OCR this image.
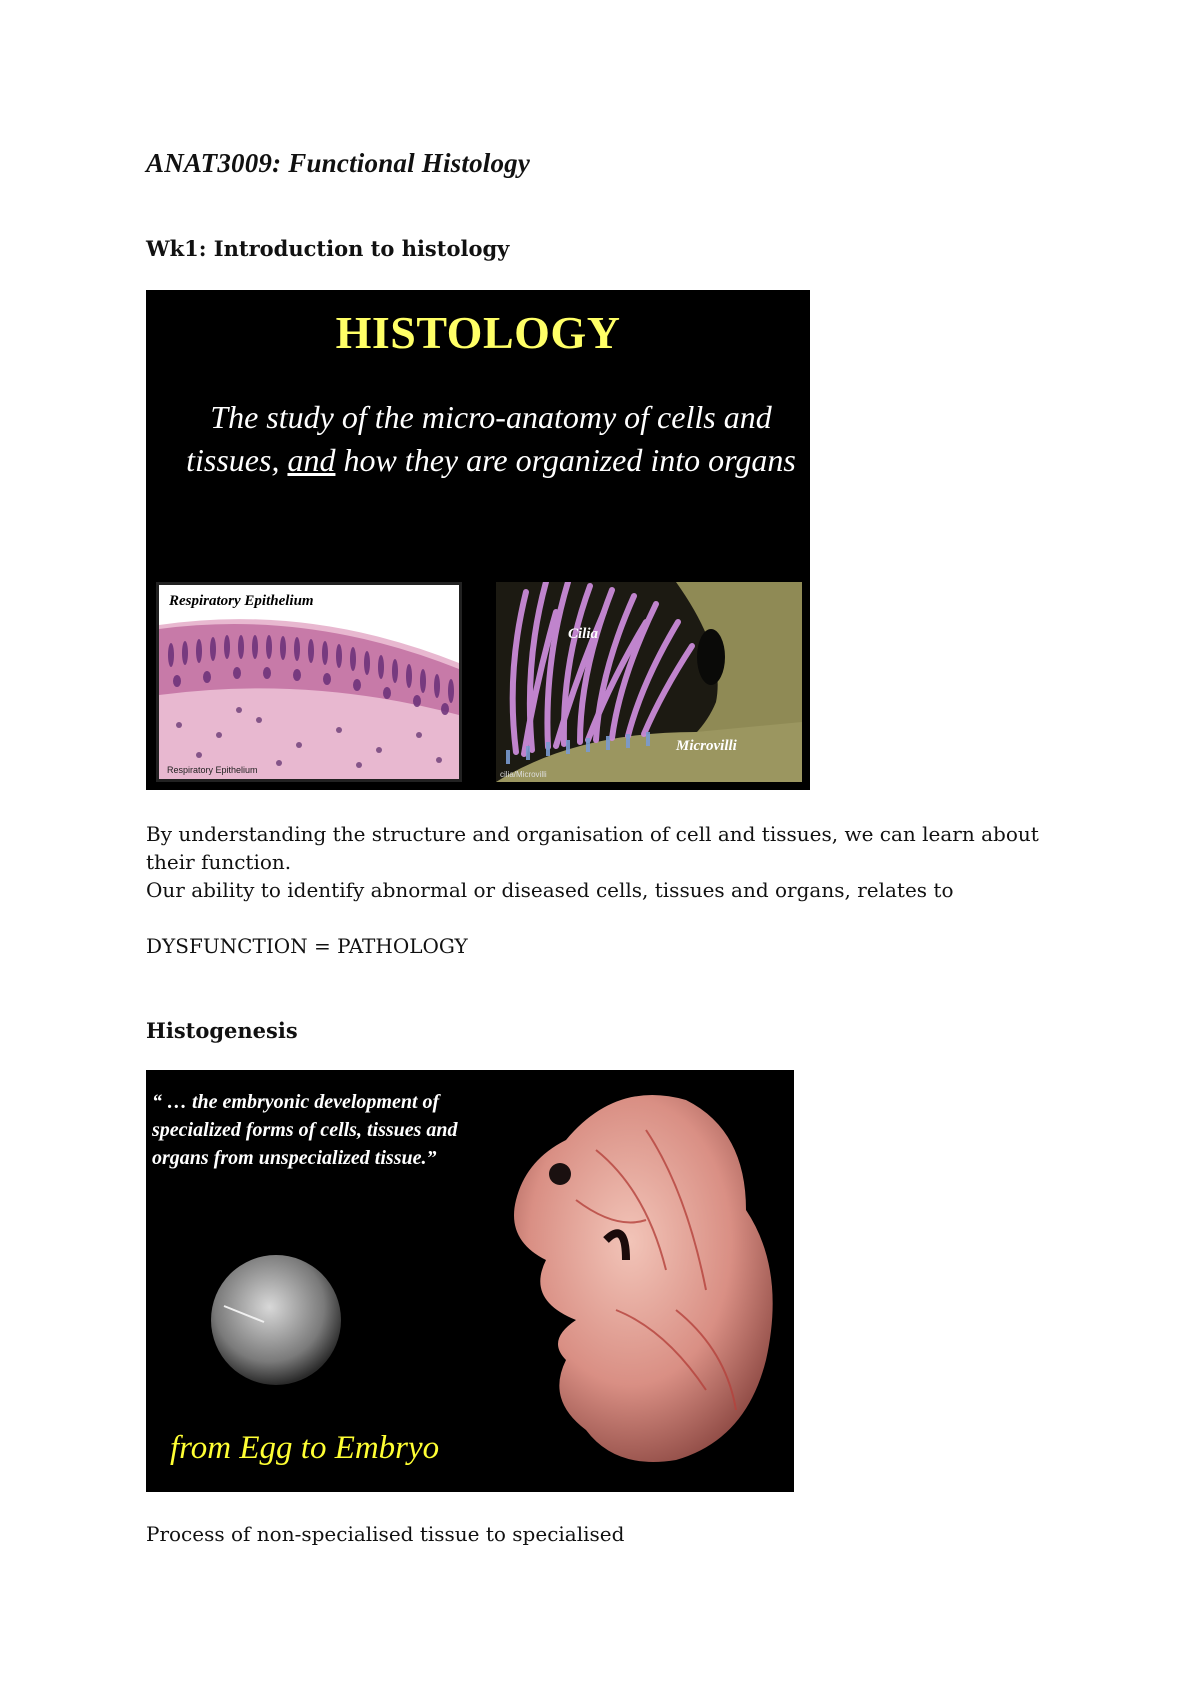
ANAT3009: Functional Histology
Wk1: Introduction to histology
HISTOLOGY
The study of the micro-anatomy of cells and tissues, and how they are organized into organs
Respiratory Epithelium
Respiratory Epithelium
Cilia
Microvilli
cilia/Microvilli
By understanding the structure and organisation of cell and tissues, we can learn about their function.
Our ability to identify abnormal or diseased cells, tissues and organs, relates to
DYSFUNCTION = PATHOLOGY
Histogenesis
“ … the embryonic development of specialized forms of cells, tissues and organs from unspecialized tissue.”
from Egg to Embryo
Process of non-specialised tissue to specialised
